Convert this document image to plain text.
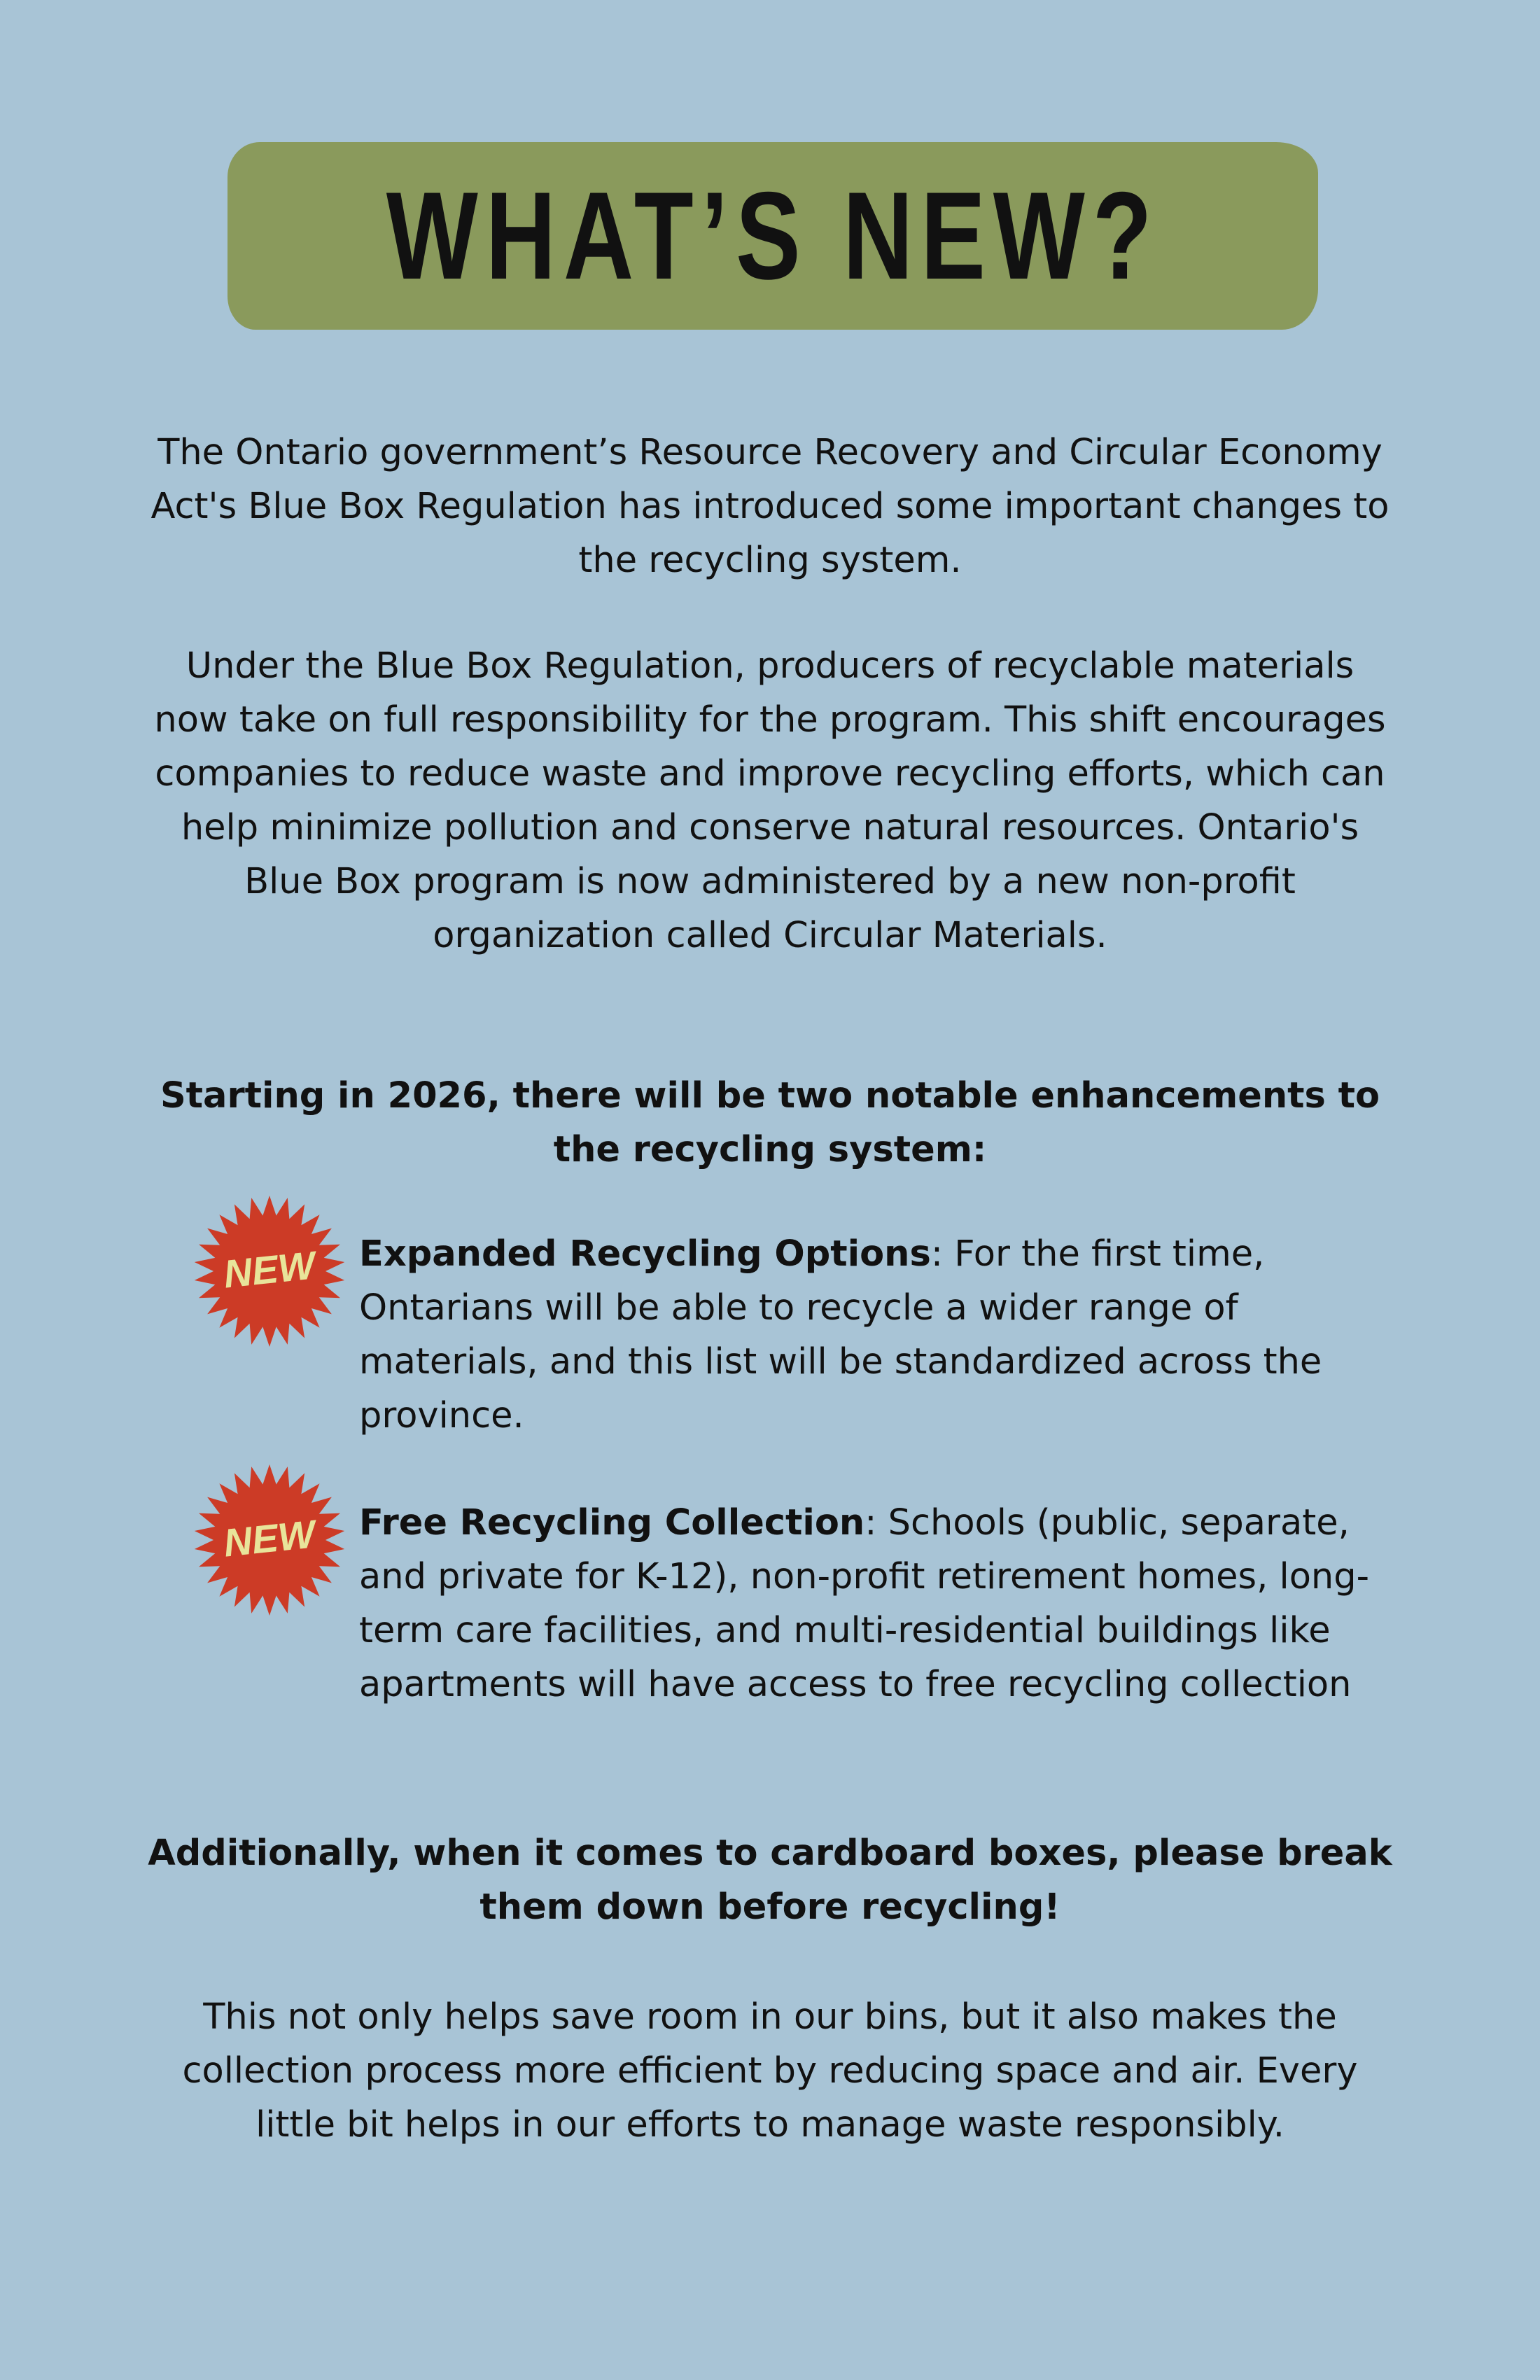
WHAT’S NEW?

The Ontario government’s Resource Recovery and Circular Economy Act's Blue Box Regulation has introduced some important changes to the recycling system.

Under the Blue Box Regulation, producers of recyclable materials now take on full responsibility for the program. This shift encourages companies to reduce waste and improve recycling efforts, which can help minimize pollution and conserve natural resources. Ontario's Blue Box program is now administered by a new non-profit organization called Circular Materials.

Starting in 2026, there will be two notable enhancements to the recycling system:

NEW Expanded Recycling Options: For the first time, Ontarians will be able to recycle a wider range of materials, and this list will be standardized across the province.

NEW Free Recycling Collection: Schools (public, separate, and private for K-12), non-profit retirement homes, long-term care facilities, and multi-residential buildings like apartments will have access to free recycling collection

Additionally, when it comes to cardboard boxes, please break them down before recycling!

This not only helps save room in our bins, but it also makes the collection process more efficient by reducing space and air. Every little bit helps in our efforts to manage waste responsibly.
